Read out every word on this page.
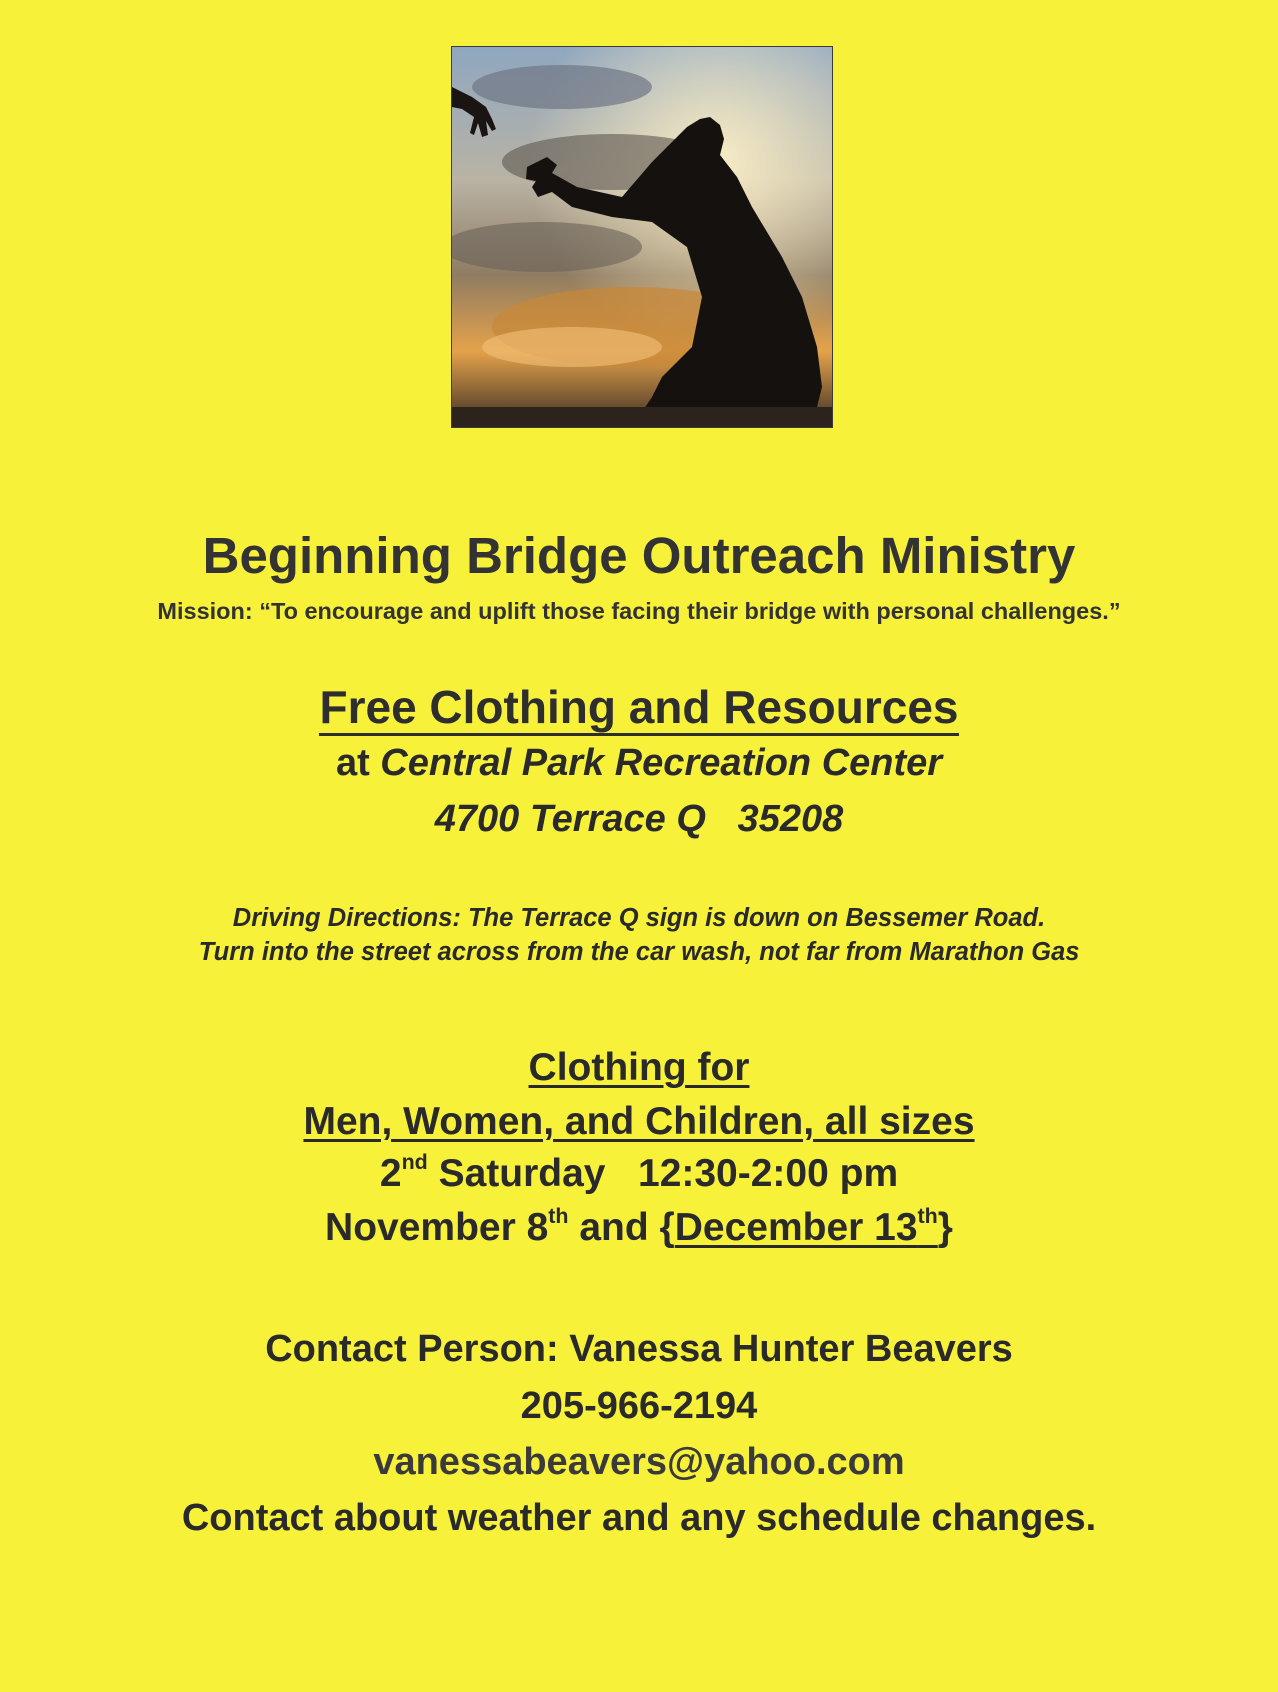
Beginning Bridge Outreach Ministry
Mission: “To encourage and uplift those facing their bridge with personal challenges.”
Free Clothing and Resources
at Central Park Recreation Center
4700 Terrace Q   35208
Driving Directions: The Terrace Q sign is down on Bessemer Road.
Turn into the street across from the car wash, not far from Marathon Gas
Clothing for
Men, Women, and Children, all sizes
2nd Saturday   12:30-2:00 pm
November 8th and {December 13th}
Contact Person: Vanessa Hunter Beavers
205-966-2194
vanessabeavers@yahoo.com
Contact about weather and any schedule changes.
